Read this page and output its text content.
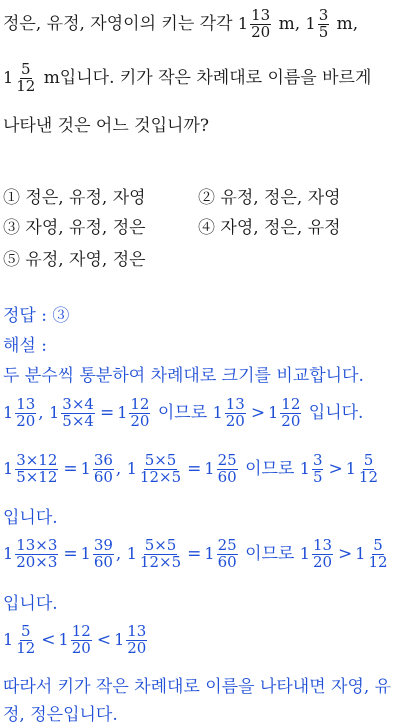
정은, 유정, 자영이의 키는 각각 $1 \frac{13}{20} m$, $1 \frac{3}{5} m$,
$1 \frac{5}{12}$ m입니다. 키가 작은 차례대로 이름을 바르게
나타낸 것은 어느 것입니까?
① 정은, 유정, 자영	② 유정, 정은, 자영
③ 자영, 유정, 정은	④ 자영, 정은, 유정
⑤ 유정, 자영, 정은
정답 : ③
해설 :
두 분수씩 통분하여 차례대로 크기를 비교합니다.
$1 \frac{13}{20}$ , $1 \frac{3\times 4}{5\times 4} = 1 \frac{12}{20}$ 이므로 $1 \frac{13}{20} > 1 \frac{12}{20}$ 입니다.
$1 \frac{3\times 12}{5\times 12} = 1 \frac{36}{60}$ , $1 \frac{5\times 5}{12\times 5} = 1 \frac{25}{60}$ 이므로 $1 \frac{3}{5} > 1 \frac{5}{12}$
입니다.
$1 \frac{13\times 3}{20\times 3} = 1 \frac{39}{60}$ , $1 \frac{5\times 5}{12\times 5} = 1 \frac{25}{60}$ 이므로 $1 \frac{13}{20} > 1 \frac{5}{12}$
입니다.
$1 \frac{5}{12} < 1 \frac{12}{20} < 1 \frac{13}{20}$
따라서 키가 작은 차례대로 이름을 나타내면 자영, 유
정, 정은입니다.
